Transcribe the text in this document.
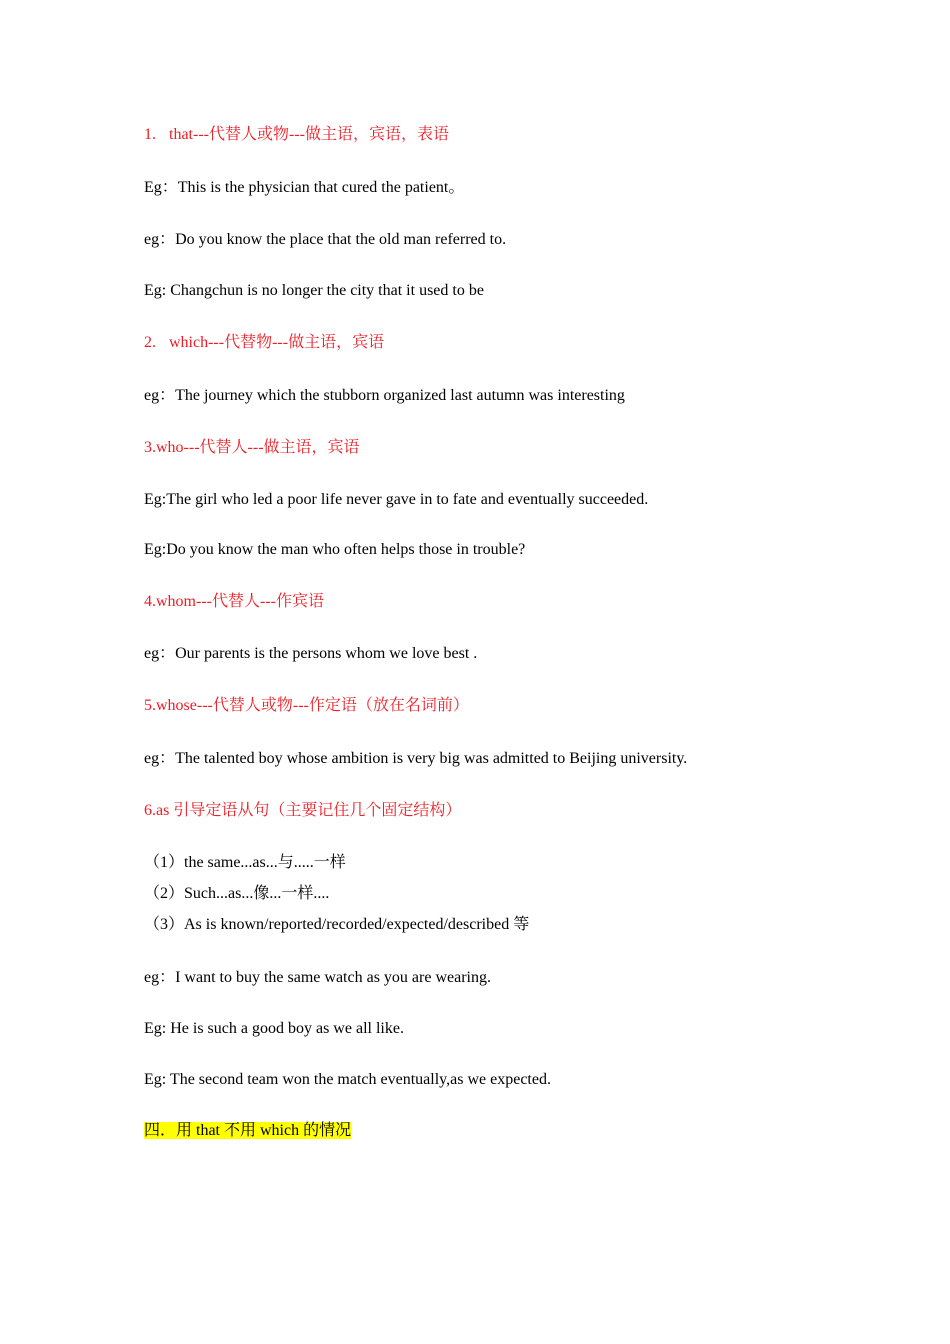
1. that---代替人或物---做主语，宾语，表语
Eg：This is the physician that cured the patient。
eg：Do you know the place that the old man referred to.
Eg: Changchun is no longer the city that it used to be
2. which---代替物---做主语，宾语
eg：The journey which the stubborn organized last autumn was interesting
3.who---代替人---做主语，宾语
Eg:The girl who led a poor life never gave in to fate and eventually succeeded.
Eg:Do you know the man who often helps those in trouble?
4.whom---代替人---作宾语
eg：Our parents is the persons whom we love best .
5.whose---代替人或物---作定语（放在名词前）
eg：The talented boy whose ambition is very big was admitted to Beijing university.
6.as 引导定语从句（主要记住几个固定结构）
（1）the same...as...与.....一样
（2）Such...as...像...一样....
（3）As is known/reported/recorded/expected/described 等
eg：I want to buy the same watch as you are wearing.
Eg: He is such a good boy as we all like.
Eg: The second team won the match eventually,as we expected.
四．用 that 不用 which 的情况
